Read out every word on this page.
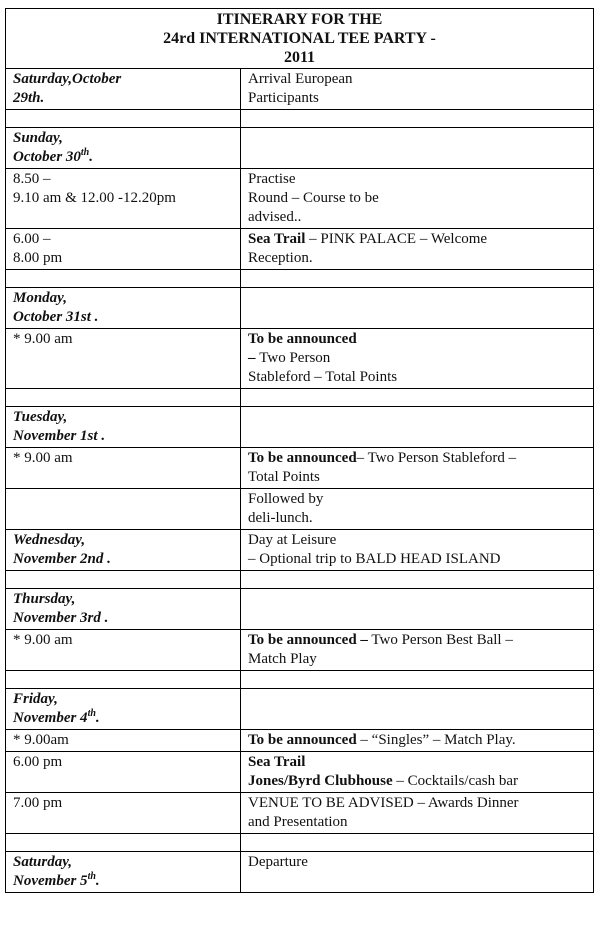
ITINERARY FOR THE
24rd INTERNATIONAL TEE PARTY -
2011	

Saturday,October
29th.	Arrival European
Participants

Sunday,
October 30th.	

8.50 –
9.10 am & 12.00 -12.20pm	Practise
Round – Course to be
advised..

6.00 –
8.00 pm	Sea Trail – PINK PALACE – Welcome
Reception.

Monday,
October 31st .	

* 9.00 am	To be announced
– Two Person
Stableford – Total Points

Tuesday,
November 1st .	

* 9.00 am	To be announced– Two Person Stableford –
Total Points

	Followed by
deli-lunch.

Wednesday,
November 2nd .	Day at Leisure
– Optional trip to BALD HEAD ISLAND

Thursday,
November 3rd .	

* 9.00 am	To be announced – Two Person Best Ball –
Match Play

Friday,
November 4th.	

* 9.00am	To be announced – “Singles” – Match Play.

6.00 pm	Sea Trail
Jones/Byrd Clubhouse – Cocktails/cash bar

7.00 pm	VENUE TO BE ADVISED – Awards Dinner
and Presentation

Saturday,
November 5th.	Departure
